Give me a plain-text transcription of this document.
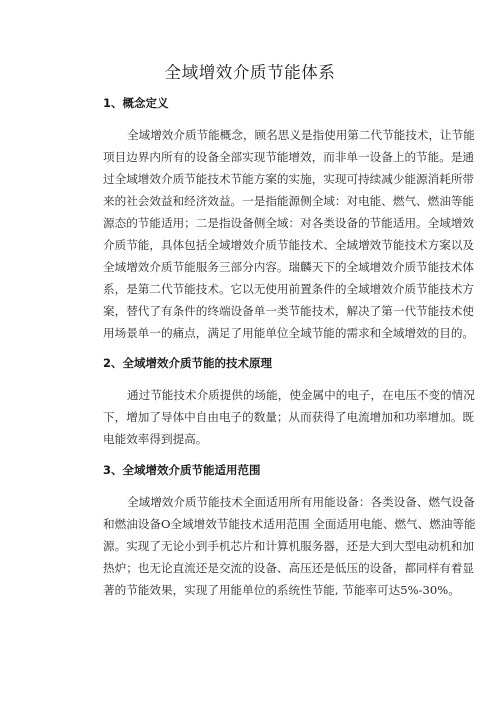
全域增效介质节能体系
1、概念定义
全域增效介质节能概念，顾名思义是指使用第二代节能技术，让节能
项目边界内所有的设备全部实现节能增效，而非单一设备上的节能。是通
过全域增效介质节能技术节能方案的实施，实现可持续减少能源消耗所带
来的社会效益和经济效益。一是指能源侧全域：对电能、燃气、燃油等能
源态的节能适用；二是指设备侧全域：对各类设备的节能适用。全域增效
介质节能，具体包括全域增效介质节能技术、全域增效节能技术方案以及
全域增效介质节能服务三部分内容。瑞麟天下的全域增效介质节能技术体
系，是第二代节能技术。它以无使用前置条件的全域增效介质节能技术方
案，替代了有条件的终端设备单一类节能技术，解决了第一代节能技术使
用场景单一的痛点，满足了用能单位全域节能的需求和全域增效的目的。
2、全域增效介质节能的技术原理
通过节能技术介质提供的场能，使金属中的电子，在电压不变的情况
下，增加了导体中自由电子的数量；从而获得了电流增加和功率增加。既
电能效率得到提高。
3、全域增效介质节能适用范围
全域增效介质节能技术全面适用所有用能设备：各类设备、燃气设备
和燃油设备O全域增效节能技术适用范围 全面适用电能、燃气、燃油等能
源。实现了无论小到手机芯片和计算机服务器，还是大到大型电动机和加
热炉；也无论直流还是交流的设备、高压还是低压的设备，都同样有着显
著的节能效果，实现了用能单位的系统性节能, 节能率可达5%-30%。
